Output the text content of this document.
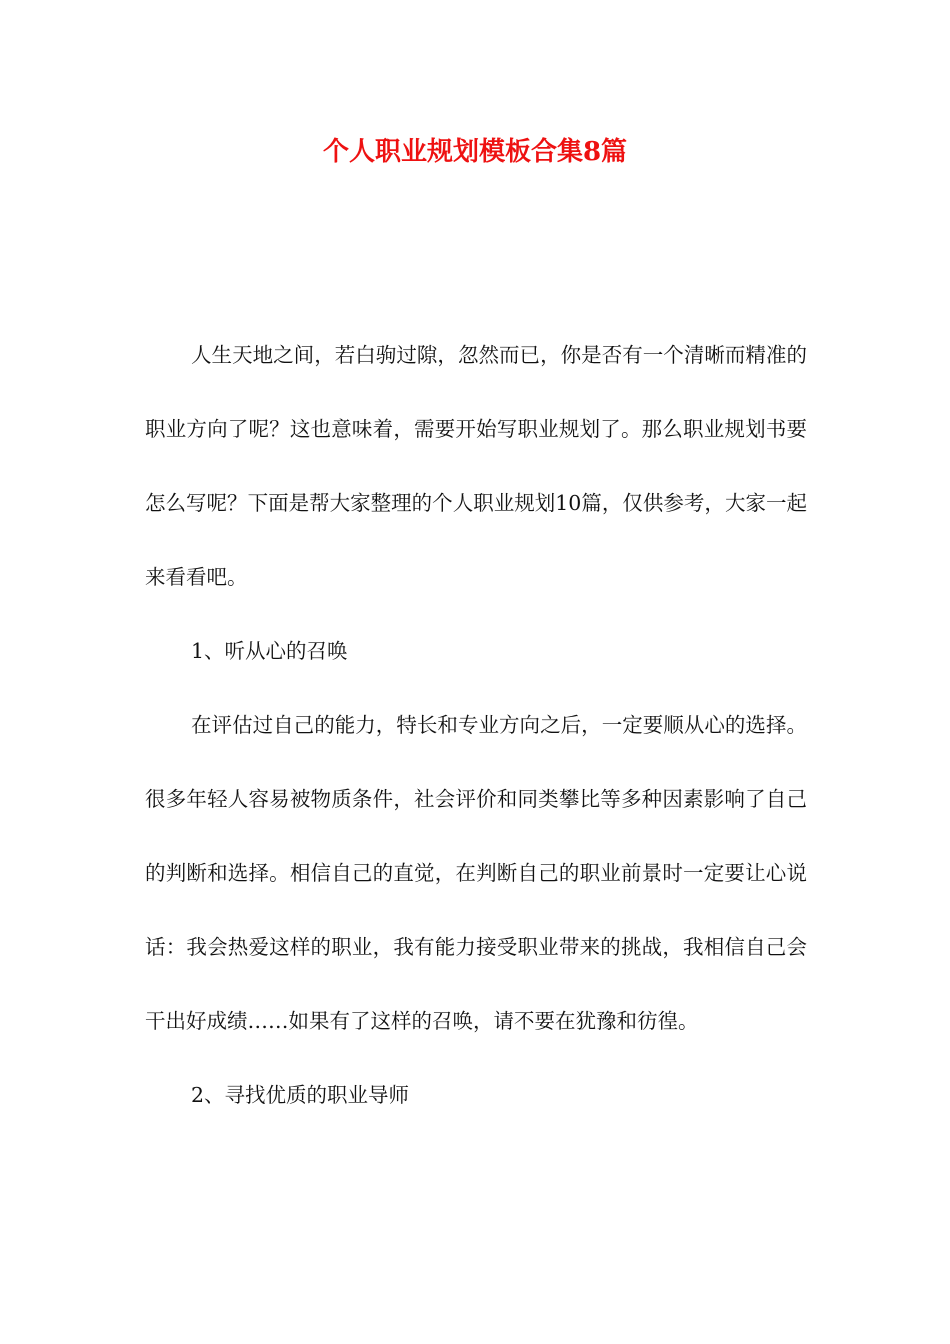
个人职业规划模板合集8篇

人生天地之间，若白驹过隙，忽然而已，你是否有一个清晰而精准的职业方向了呢？这也意味着，需要开始写职业规划了。那么职业规划书要怎么写呢？下面是帮大家整理的个人职业规划10篇，仅供参考，大家一起来看看吧。

1、听从心的召唤

在评估过自己的能力，特长和专业方向之后，一定要顺从心的选择。很多年轻人容易被物质条件，社会评价和同类攀比等多种因素影响了自己的判断和选择。相信自己的直觉，在判断自己的职业前景时一定要让心说话：我会热爱这样的职业，我有能力接受职业带来的挑战，我相信自己会干出好成绩……如果有了这样的召唤，请不要在犹豫和彷徨。

2、寻找优质的职业导师
